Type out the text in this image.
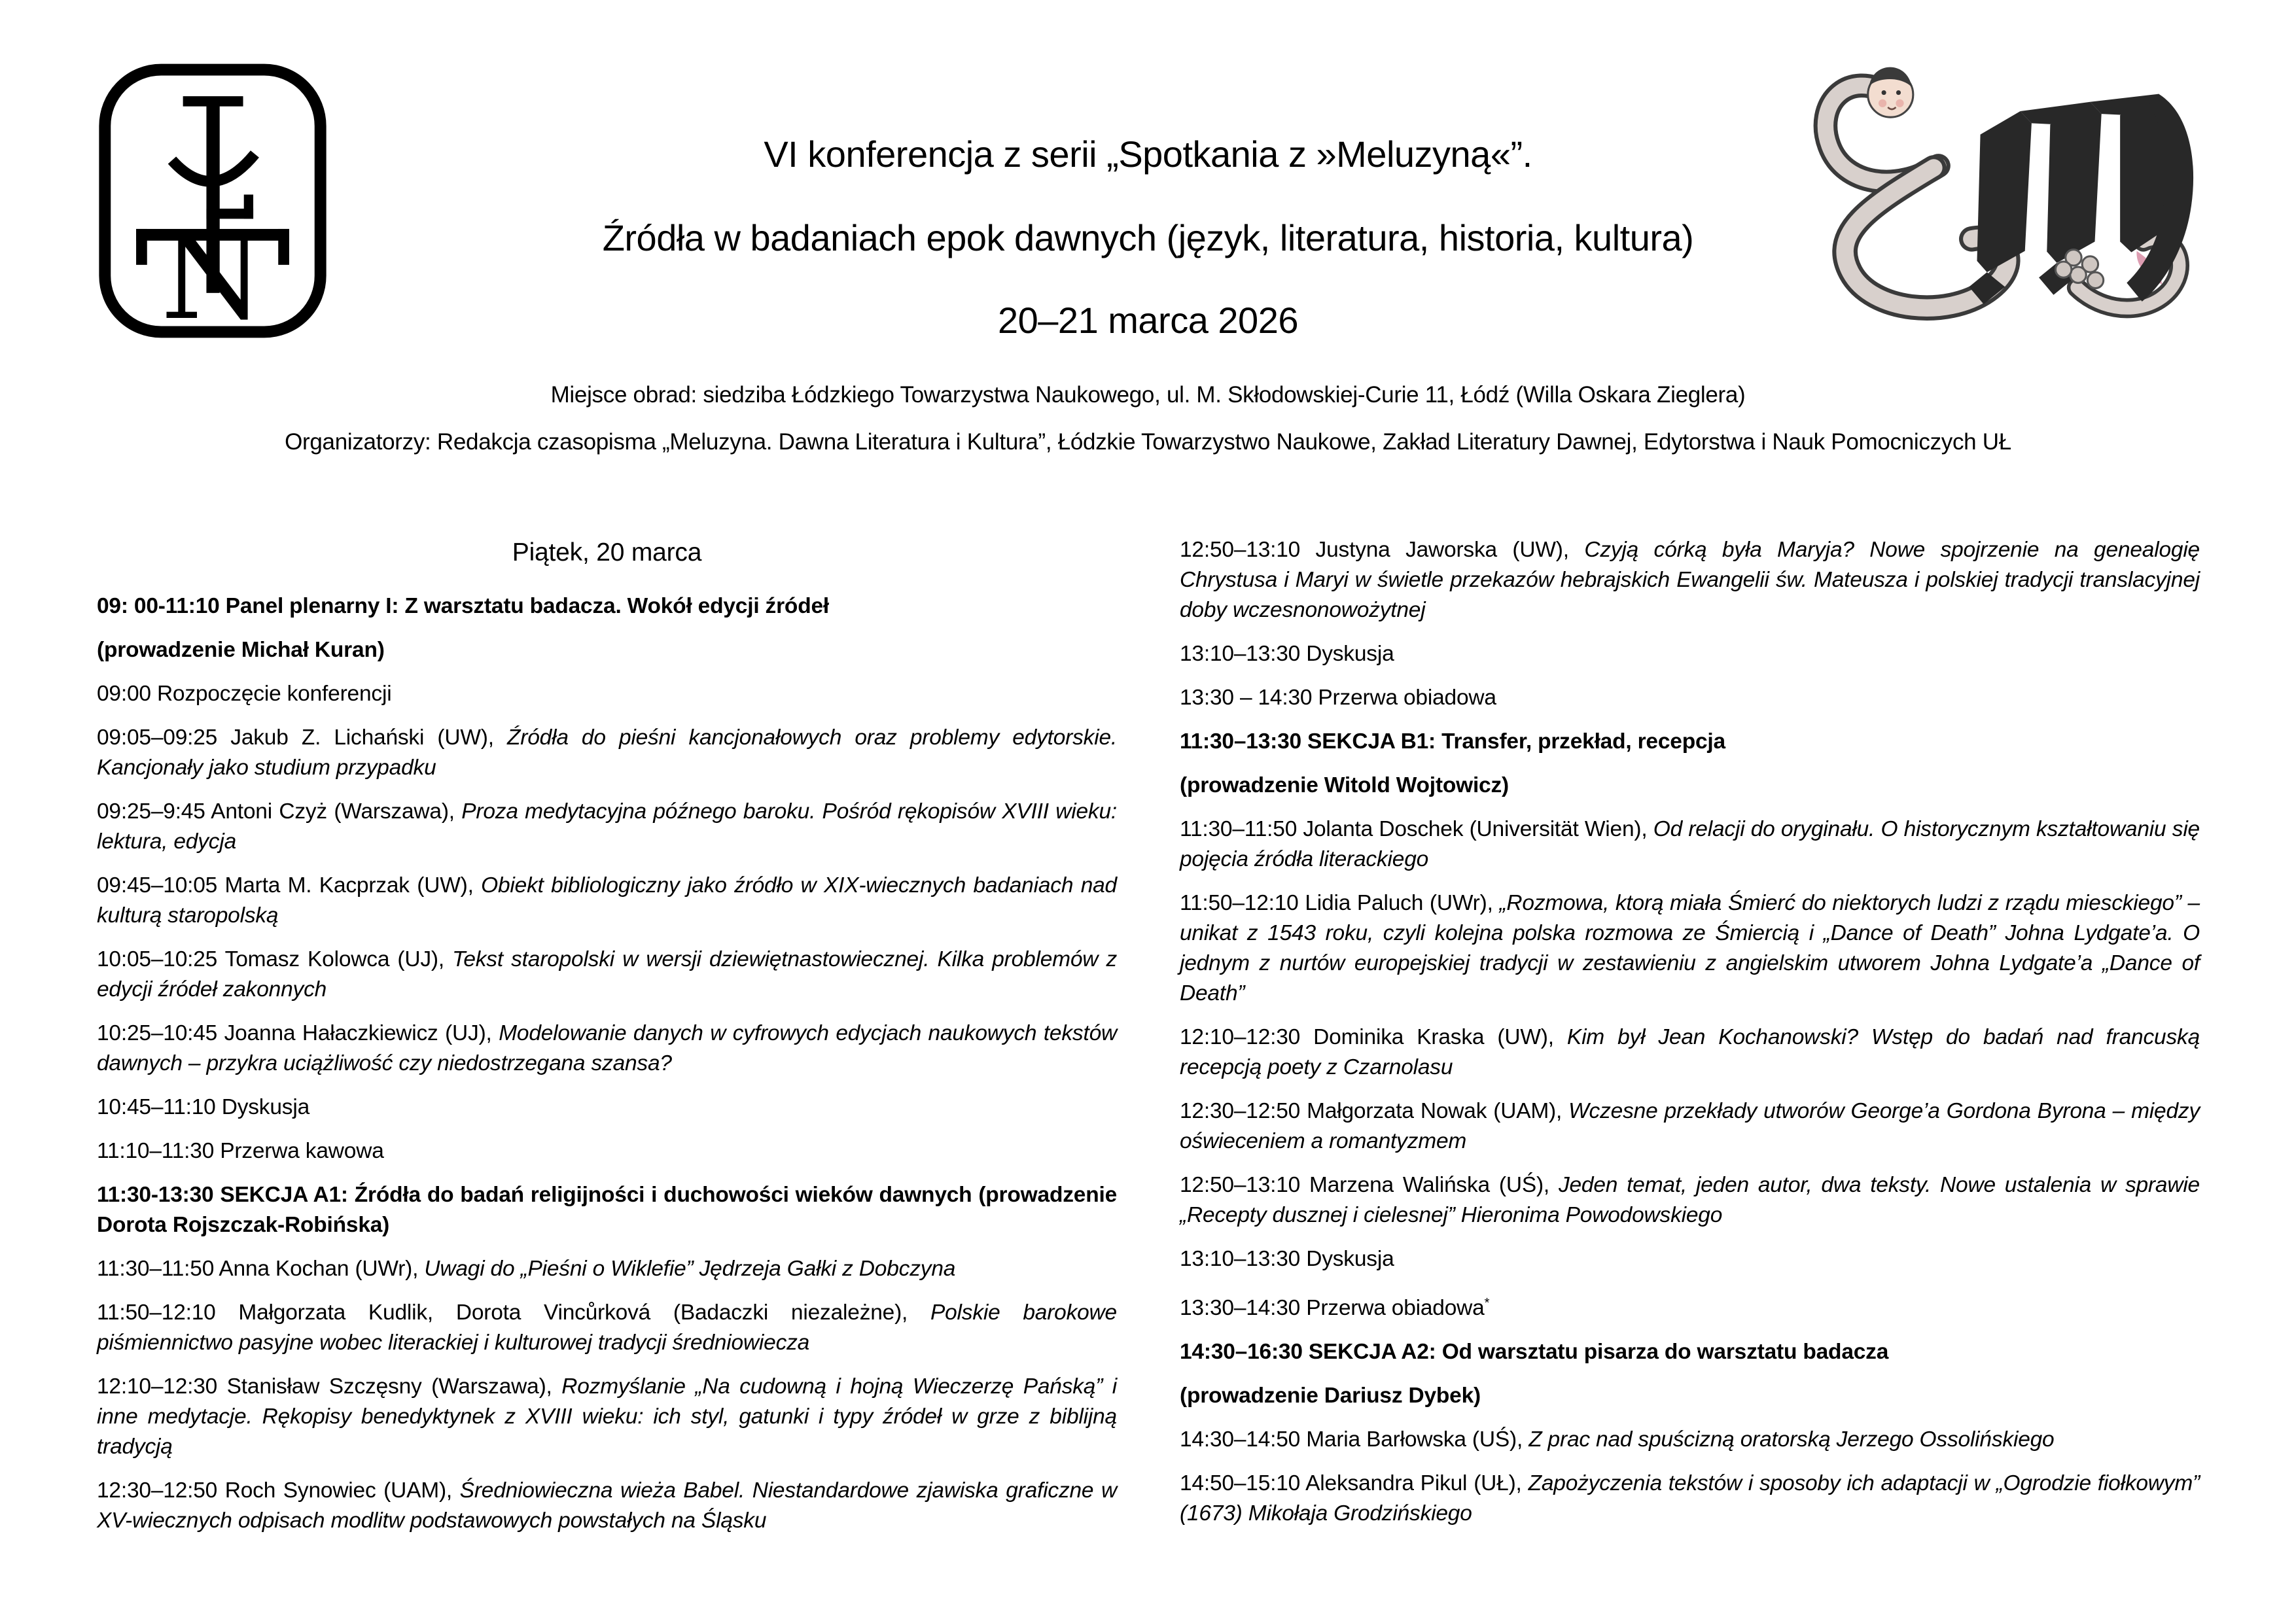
N
VI konferencja z serii „Spotkania z »Meluzyną«”.
Źródła w badaniach epok dawnych (język, literatura, historia, kultura)
20–21 marca 2026
Miejsce obrad: siedziba Łódzkiego Towarzystwa Naukowego, ul. M. Skłodowskiej-Curie 11, Łódź (Willa Oskara Zieglera)
Organizatorzy: Redakcja czasopisma „Meluzyna. Dawna Literatura i Kultura”, Łódzkie Towarzystwo Naukowe, Zakład Literatury Dawnej, Edytorstwa i Nauk Pomocniczych UŁ
Piątek, 20 marca
09: 00-11:10 Panel plenarny I: Z warsztatu badacza. Wokół edycji źródeł
(prowadzenie Michał Kuran)
09:00 Rozpoczęcie konferencji
09:05–09:25 Jakub Z. Lichański (UW), Źródła do pieśni kancjonałowych oraz problemy edytorskie. Kancjonały jako studium przypadku
09:25–9:45 Antoni Czyż (Warszawa), Proza medytacyjna późnego baroku. Pośród rękopisów XVIII wieku: lektura, edycja
09:45–10:05 Marta M. Kacprzak (UW), Obiekt bibliologiczny jako źródło w XIX-wiecznych badaniach nad kulturą staropolską
10:05–10:25 Tomasz Kolowca (UJ), Tekst staropolski w wersji dziewiętnastowiecznej. Kilka problemów z edycji źródeł zakonnych
10:25–10:45 Joanna Hałaczkiewicz (UJ), Modelowanie danych w cyfrowych edycjach naukowych tekstów dawnych – przykra uciążliwość czy niedostrzegana szansa?
10:45–11:10 Dyskusja
11:10–11:30 Przerwa kawowa
11:30-13:30 SEKCJA A1: Źródła do badań religijności i duchowości wieków dawnych (prowadzenie Dorota Rojszczak-Robińska)
11:30–11:50 Anna Kochan (UWr), Uwagi do „Pieśni o Wiklefie” Jędrzeja Gałki z Dobczyna
11:50–12:10 Małgorzata Kudlik, Dorota Vincůrková (Badaczki niezależne), Polskie barokowe piśmiennictwo pasyjne wobec literackiej i kulturowej tradycji średniowiecza
12:10–12:30 Stanisław Szczęsny (Warszawa), Rozmyślanie „Na cudowną i hojną Wieczerzę Pańską” i inne medytacje. Rękopisy benedyktynek z XVIII wieku: ich styl, gatunki i typy źródeł w grze z biblijną tradycją
12:30–12:50 Roch Synowiec (UAM), Średniowieczna wieża Babel. Niestandardowe zjawiska graficzne w XV-wiecznych odpisach modlitw podstawowych powstałych na Śląsku
12:50–13:10 Justyna Jaworska (UW), Czyją córką była Maryja? Nowe spojrzenie na genealogię Chrystusa i Maryi w świetle przekazów hebrajskich Ewangelii św. Mateusza i polskiej tradycji translacyjnej doby wczesnonowożytnej
13:10–13:30 Dyskusja
13:30 – 14:30 Przerwa obiadowa
11:30–13:30 SEKCJA B1: Transfer, przekład, recepcja
(prowadzenie Witold Wojtowicz)
11:30–11:50 Jolanta Doschek (Universität Wien), Od relacji do oryginału. O historycznym kształtowaniu się pojęcia źródła literackiego
11:50–12:10 Lidia Paluch (UWr), „Rozmowa, ktorą miała Śmierć do niektorych ludzi z rządu miesckiego” – unikat z 1543 roku, czyli kolejna polska rozmowa ze Śmiercią i „Dance of Death” Johna Lydgate’a. O jednym z nurtów europejskiej tradycji w zestawieniu z angielskim utworem Johna Lydgate’a „Dance of Death”
12:10–12:30 Dominika Kraska (UW), Kim był Jean Kochanowski? Wstęp do badań nad francuską recepcją poety z Czarnolasu
12:30–12:50 Małgorzata Nowak (UAM), Wczesne przekłady utworów George’a Gordona Byrona – między oświeceniem a romantyzmem
12:50–13:10 Marzena Walińska (UŚ), Jeden temat, jeden autor, dwa teksty. Nowe ustalenia w sprawie „Recepty dusznej i cielesnej” Hieronima Powodowskiego
13:10–13:30 Dyskusja
13:30–14:30 Przerwa obiadowa*
14:30–16:30 SEKCJA A2: Od warsztatu pisarza do warsztatu badacza
(prowadzenie Dariusz Dybek)
14:30–14:50 Maria Barłowska (UŚ), Z prac nad spuścizną oratorską Jerzego Ossolińskiego
14:50–15:10 Aleksandra Pikul (UŁ), Zapożyczenia tekstów i sposoby ich adaptacji w „Ogrodzie fiołkowym” (1673) Mikołaja Grodzińskiego
